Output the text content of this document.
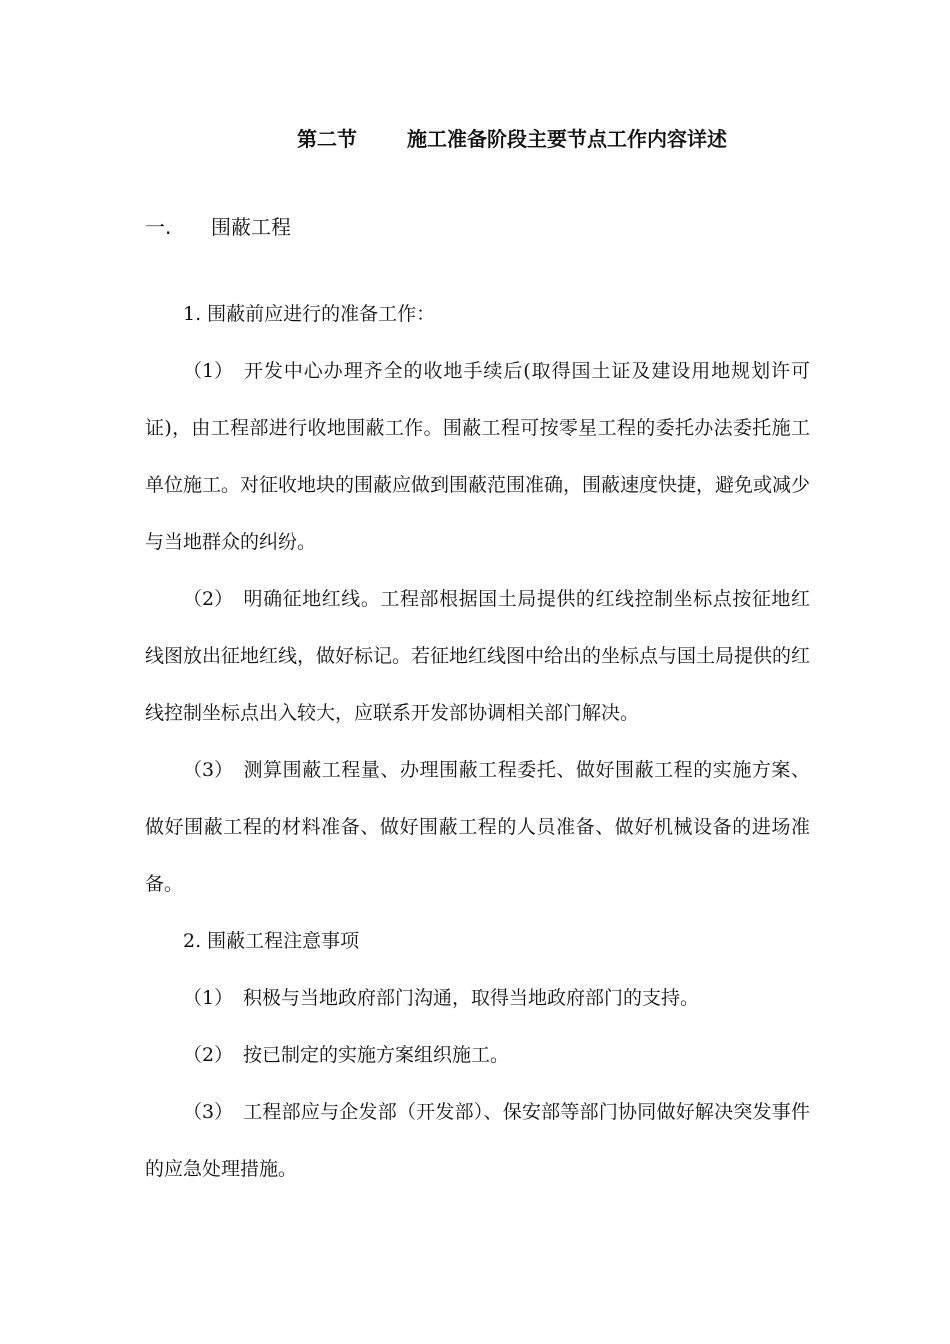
第二节	施工准备阶段主要节点工作内容详述
一. 围蔽工程

1. 围蔽前应进行的准备工作：

（1） 开发中心办理齐全的收地手续后(取得国土证及建设用地规划许可证)，由工程部进行收地围蔽工作。围蔽工程可按零星工程的委托办法委托施工单位施工。对征收地块的围蔽应做到围蔽范围准确，围蔽速度快捷，避免或减少与当地群众的纠纷。

（2） 明确征地红线。工程部根据国土局提供的红线控制坐标点按征地红线图放出征地红线，做好标记。若征地红线图中给出的坐标点与国土局提供的红线控制坐标点出入较大，应联系开发部协调相关部门解决。

（3） 测算围蔽工程量、办理围蔽工程委托、做好围蔽工程的实施方案、做好围蔽工程的材料准备、做好围蔽工程的人员准备、做好机械设备的进场准备。

2. 围蔽工程注意事项

（1） 积极与当地政府部门沟通，取得当地政府部门的支持。

（2） 按已制定的实施方案组织施工。

（3） 工程部应与企发部（开发部）、保安部等部门协同做好解决突发事件的应急处理措施。
